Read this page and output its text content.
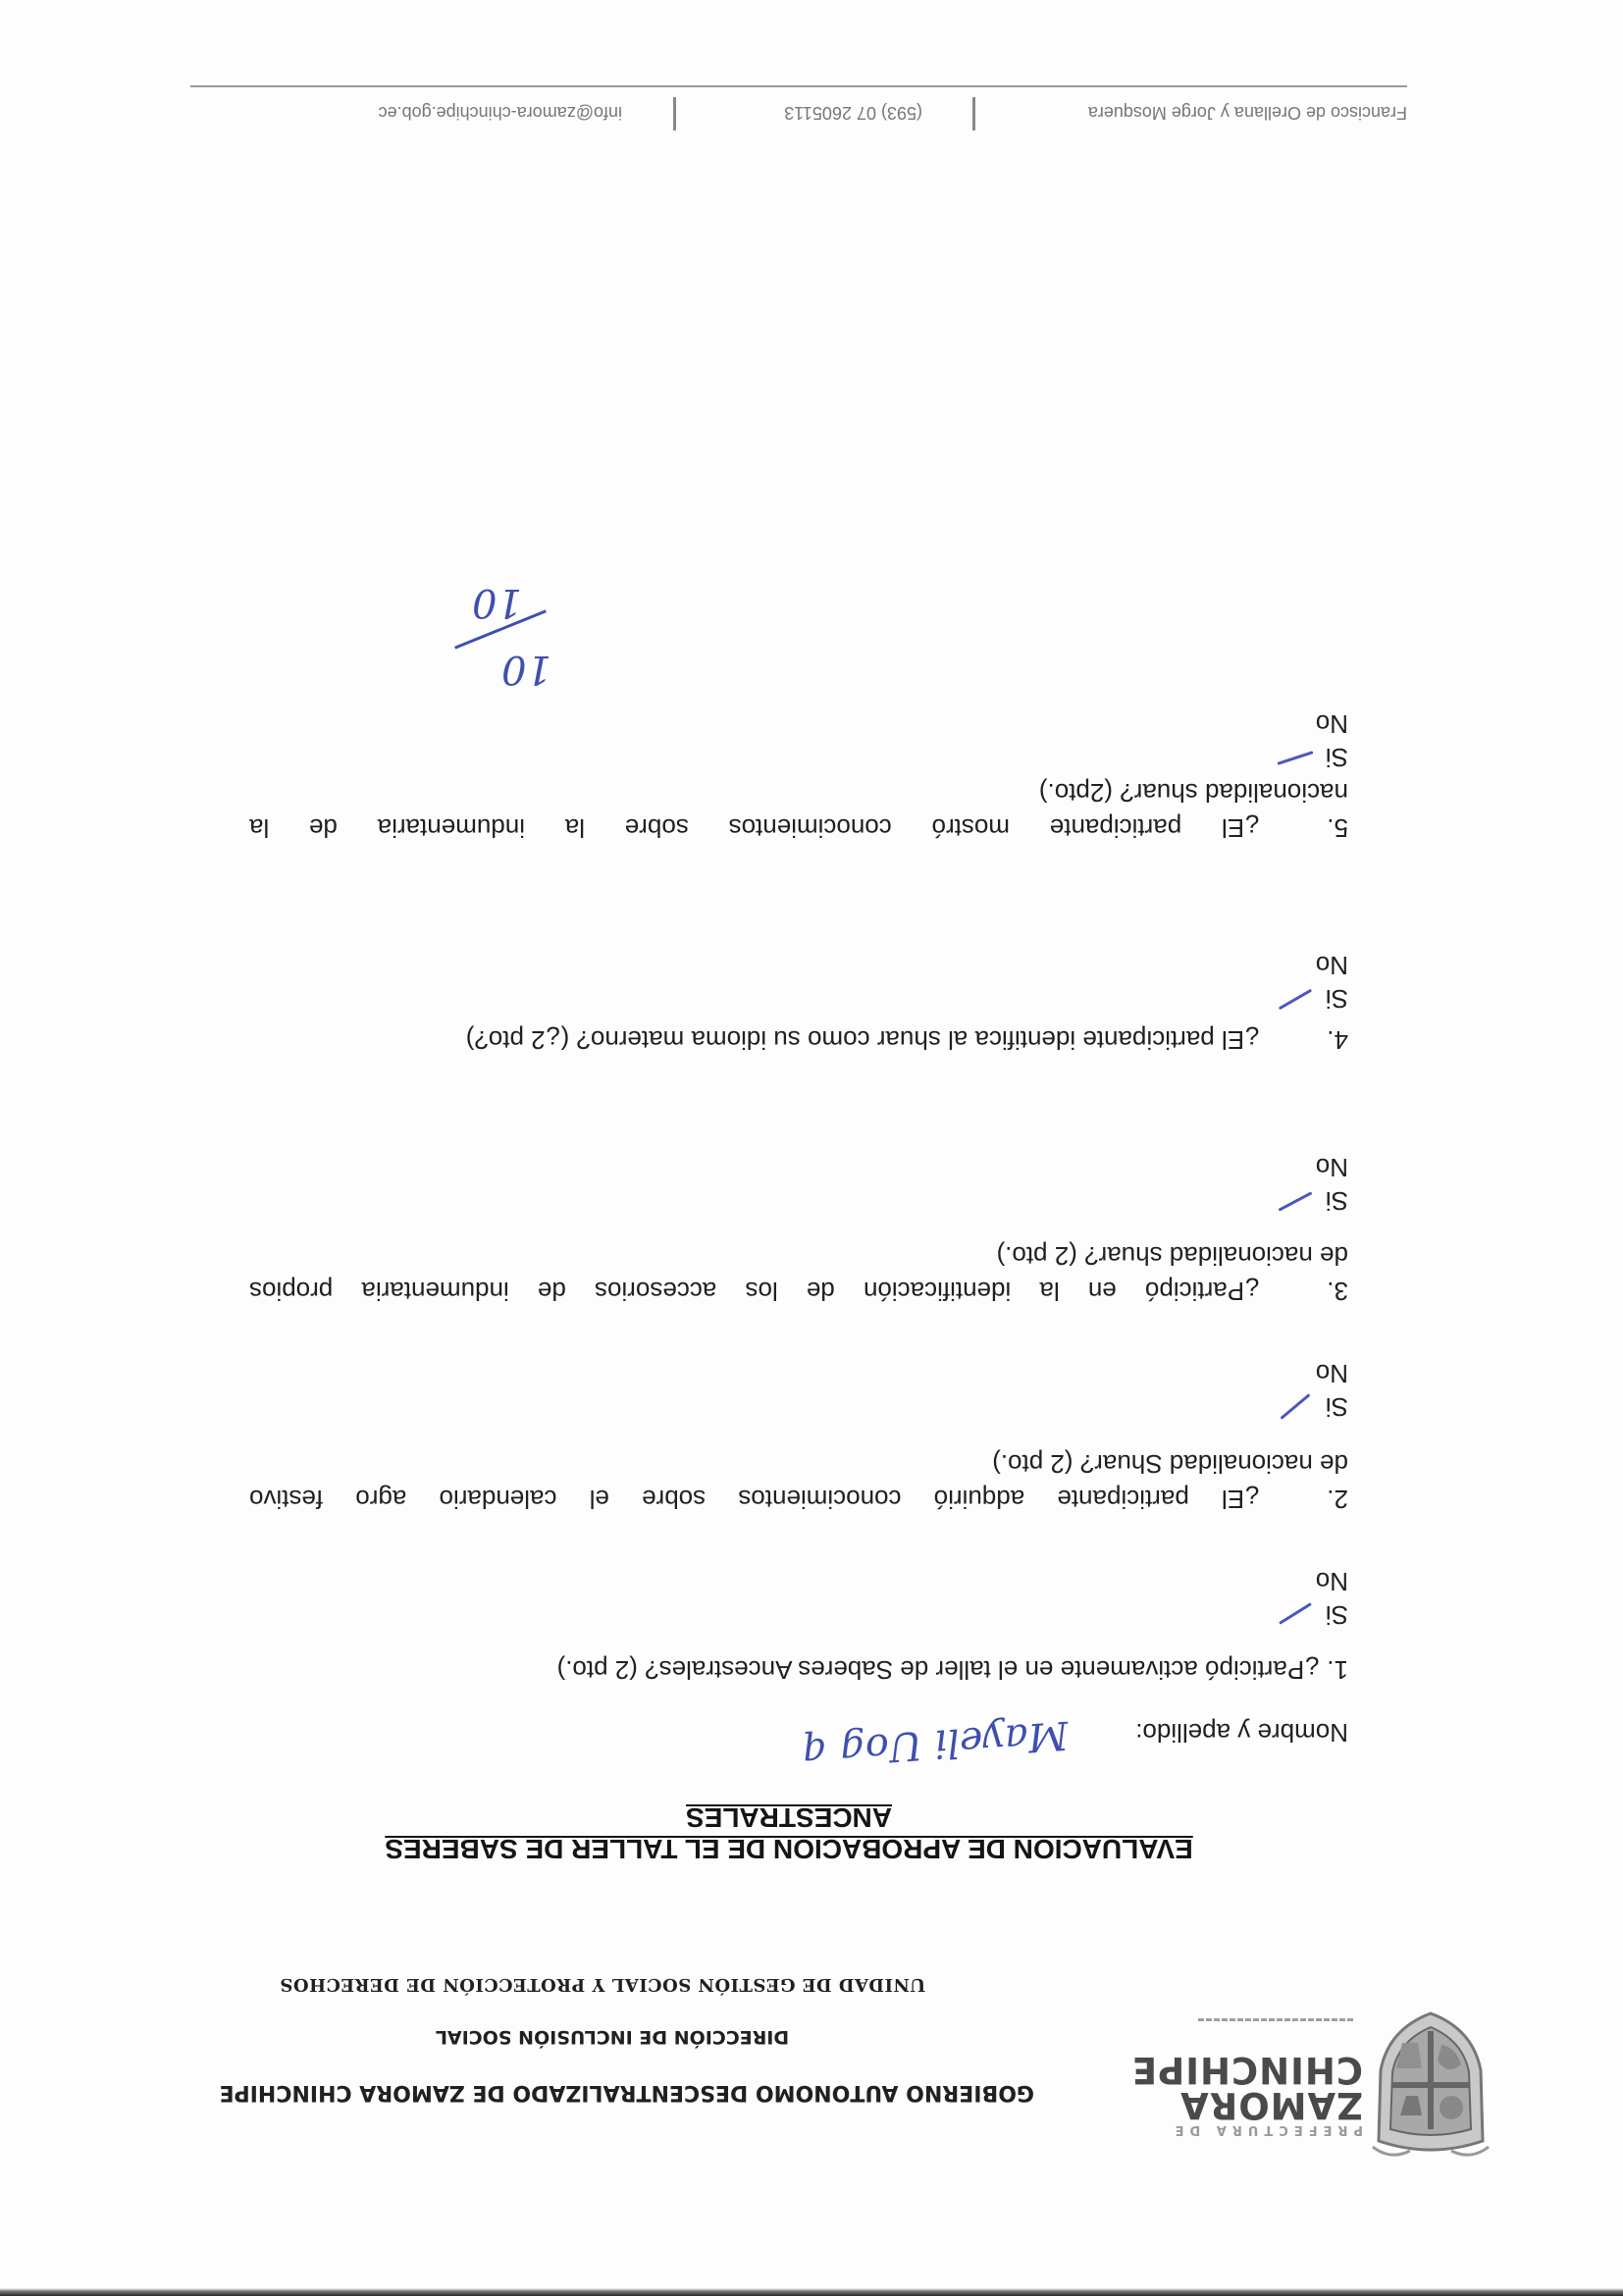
PREFECTURA DE
ZAMORA
CHINCHIPE
GOBIERNO AUTONOMO DESCENTRALIZADO DE ZAMORA CHINCHIPE
DIRECCIÓN DE INCLUSIÓN SOCIAL
UNIDAD DE GESTIÓN SOCIAL Y PROTECCIÓN DE DERECHOS
EVALUACION DE APROBACION DE EL TALLER DE SABERES
ANCESTRALES
Nombre y apellido:
Mayeli Uog q
1. ¿Participó activamente en el taller de Saberes Ancestrales? (2 pto.)
Si
No
2.¿El participante adquirió conocimientos sobre el calendario agro festivo
de nacionalidad Shuar? (2 pto.)
Si
No
3.¿Participó en la identificación de los accesorios de indumentaria propios
de nacionalidad shuar? (2 pto.)
Si
No
4.¿El participante identifica al shuar como su idioma materno? (¿2 pto?)
Si
No
5.¿El participante mostró conocimientos sobre la indumentaria de la
nacionalidad shuar? (2pto.)
Si
No
10
10
Francisco de Orellana y Jorge Mosquera
(593) 07 2605113
info@zamora-chinchipe.gob.ec
